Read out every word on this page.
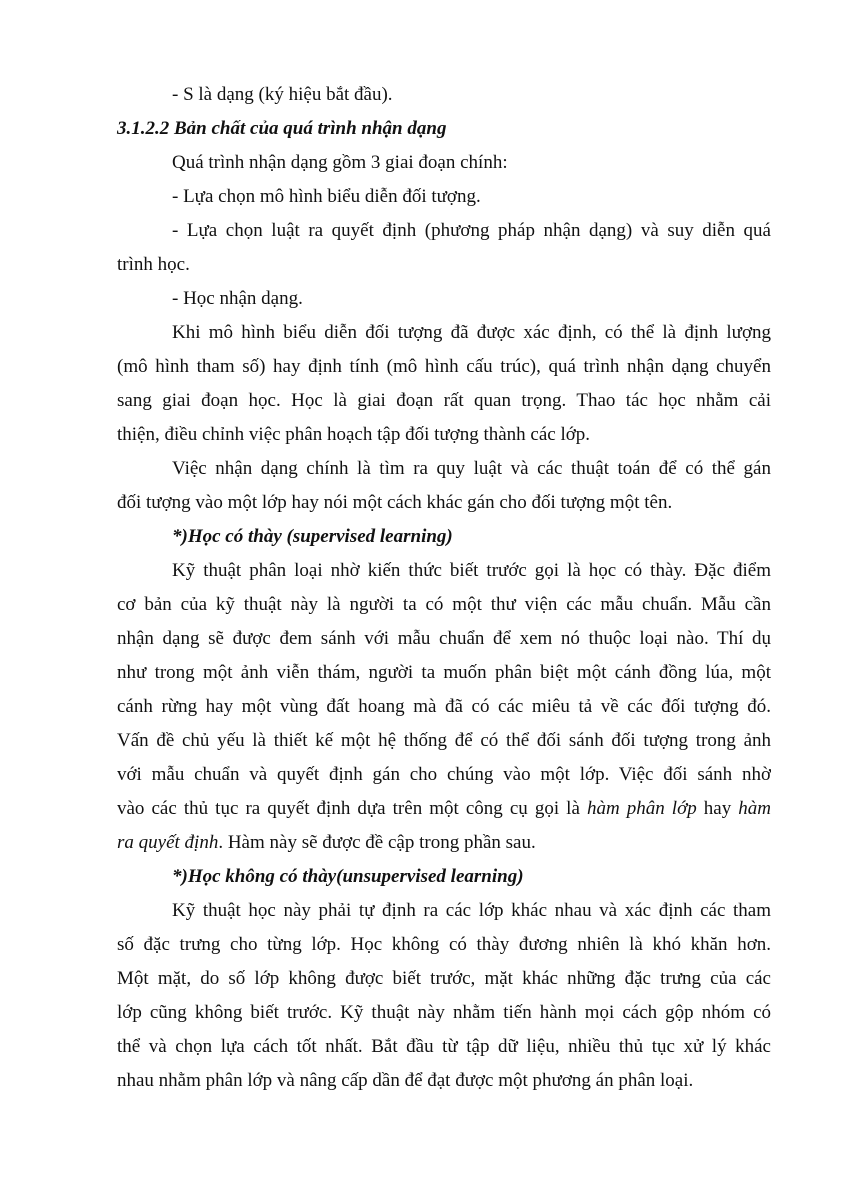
- S là dạng (ký hiệu bắt đầu).
3.1.2.2 Bản chất của quá trình nhận dạng
Quá trình nhận dạng gồm 3 giai đoạn chính:
- Lựa chọn mô hình biểu diễn đối tượng.
- Lựa chọn luật ra quyết định (phương pháp nhận dạng) và suy diễn quá
trình học.
- Học nhận dạng.
Khi mô hình biểu diễn đối tượng đã được xác định, có thể là định lượng
(mô hình tham số) hay định tính (mô hình cấu trúc), quá trình nhận dạng chuyển
sang giai đoạn học. Học là giai đoạn rất quan trọng. Thao tác học nhằm cải
thiện, điều chỉnh việc phân hoạch tập đối tượng thành các lớp.
Việc nhận dạng chính là tìm ra quy luật và các thuật toán để có thể gán
đối tượng vào một lớp hay nói một cách khác gán cho đối tượng một tên.
*)Học có thày (supervised learning)
Kỹ thuật phân loại nhờ kiến thức biết trước gọi là học có thày. Đặc điểm
cơ bản của kỹ thuật này là người ta có một thư viện các mẫu chuẩn. Mẫu cần
nhận dạng sẽ được đem sánh với mẫu chuẩn để xem nó thuộc loại nào. Thí dụ
như trong một ảnh viễn thám, người ta muốn phân biệt một cánh đồng lúa, một
cánh rừng hay một vùng đất hoang mà đã có các miêu tả về các đối tượng đó.
Vấn đề chủ yếu là thiết kế một hệ thống để có thể đối sánh đối tượng trong ảnh
với mẫu chuẩn và quyết định gán cho chúng vào một lớp. Việc đối sánh nhờ
vào các thủ tục ra quyết định dựa trên một công cụ gọi là hàm phân lớp hay hàm
ra quyết định. Hàm này sẽ được đề cập trong phần sau.
*)Học không có thày(unsupervised learning)
Kỹ thuật học này phải tự định ra các lớp khác nhau và xác định các tham
số đặc trưng cho từng lớp. Học không có thày đương nhiên là khó khăn hơn.
Một mặt, do số lớp không được biết trước, mặt khác những đặc trưng của các
lớp cũng không biết trước. Kỹ thuật này nhằm tiến hành mọi cách gộp nhóm có
thể và chọn lựa cách tốt nhất. Bắt đầu từ tập dữ liệu, nhiều thủ tục xử lý khác
nhau nhằm phân lớp và nâng cấp dần để đạt được một phương án phân loại.
